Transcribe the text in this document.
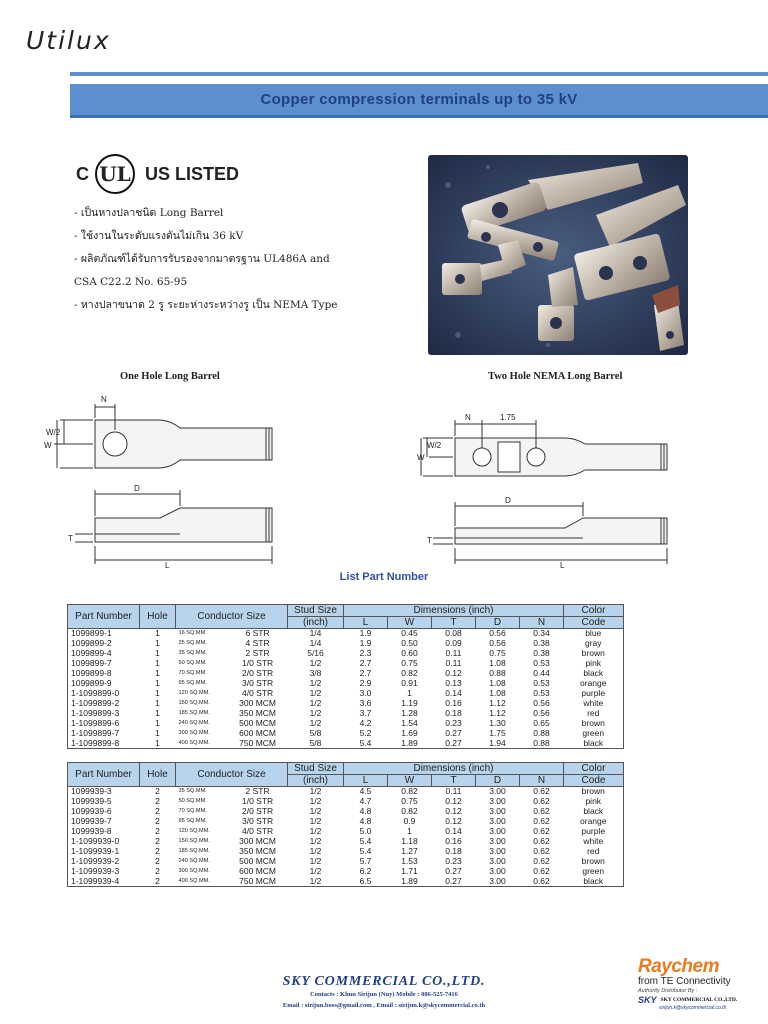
Utilux
Copper compression terminals up to 35 kV
C UL US LISTED
- เป็นหางปลาชนิด Long Barrel
- ใช้งานในระดับแรงดันไม่เกิน 36 kV
- ผลิตภัณฑ์ได้รับการรับรองจากมาตรฐาน UL486A and
CSA C22.2 No. 65-95
- หางปลาขนาด 2 รู ระยะห่างระหว่างรู เป็น NEMA Type
One Hole Long Barrel	Two Hole NEMA Long Barrel
N
W/2
W
D
T
L
N	1.75
W/2
W
D
T
L
List Part Number
Part Number	Hole	Conductor Size		Stud Size	Dimensions (inch)					Color
				(inch)	L	W	T	D	N	Code
1099899-1	1	16 SQ.MM.	6 STR	1/4	1.9	0.45	0.08	0.56	0.34	blue
1099899-2	1	25 SQ.MM.	4 STR	1/4	1.9	0.50	0.09	0.56	0.38	gray
1099899-4	1	35 SQ.MM.	2 STR	5/16	2.3	0.60	0.11	0.75	0.38	brown
1099899-7	1	50 SQ.MM.	1/0 STR	1/2	2.7	0.75	0.11	1.08	0.53	pink
1099899-8	1	70 SQ.MM.	2/0 STR	3/8	2.7	0.82	0.12	0.88	0.44	black
1099899-9	1	95 SQ.MM.	3/0 STR	1/2	2.9	0.91	0.13	1.08	0.53	orange
1-1099899-0	1	120 SQ.MM.	4/0 STR	1/2	3.0	1	0.14	1.08	0.53	purple
1-1099899-2	1	150 SQ.MM.	300 MCM	1/2	3.6	1.19	0.16	1.12	0.56	white
1-1099899-3	1	185 SQ.MM.	350 MCM	1/2	3.7	1.28	0.18	1.12	0.56	red
1-1099899-6	1	240 SQ.MM.	500 MCM	1/2	4.2	1.54	0.23	1.30	0.65	brown
1-1099899-7	1	300 SQ.MM.	600 MCM	5/8	5.2	1.69	0.27	1.75	0.88	green
1-1099899-8	1	400 SQ.MM.	750 MCM	5/8	5.4	1.89	0.27	1.94	0.88	black
Part Number	Hole	Conductor Size		Stud Size	Dimensions (inch)					Color
				(inch)	L	W	T	D	N	Code
1099939-3	2	35 SQ.MM.	2 STR	1/2	4.5	0.82	0.11	3.00	0.62	brown
1099939-5	2	50 SQ.MM.	1/0 STR	1/2	4.7	0.75	0.12	3.00	0.62	pink
1099939-6	2	70 SQ.MM.	2/0 STR	1/2	4.8	0.82	0.12	3.00	0.62	black
1099939-7	2	95 SQ.MM.	3/0 STR	1/2	4.8	0.9	0.12	3.00	0.62	orange
1099939-8	2	120 SQ.MM.	4/0 STR	1/2	5.0	1	0.14	3.00	0.62	purple
1-1099939-0	2	150 SQ.MM.	300 MCM	1/2	5.4	1.18	0.16	3.00	0.62	white
1-1099939-1	2	185 SQ.MM.	350 MCM	1/2	5.4	1.27	0.18	3.00	0.62	red
1-1099939-2	2	240 SQ.MM.	500 MCM	1/2	5.7	1.53	0.23	3.00	0.62	brown
1-1099939-3	2	300 SQ.MM.	600 MCM	1/2	6.2	1.71	0.27	3.00	0.62	green
1-1099939-4	2	400 SQ.MM.	750 MCM	1/2	6.5	1.89	0.27	3.00	0.62	black
SKY COMMERCIAL CO.,LTD.
Contacts : Khun Sirijun (Nuy) Mobile : 086-525-7416
Email : sirijun.boss@gmail.com , Email : sirijun.k@skycommercial.co.th
Raychem
from TE Connectivity
Authority Distributor By :
SKY SKY COMMERCIAL CO.,LTD.
sirijun.k@skycommercial.co.th
